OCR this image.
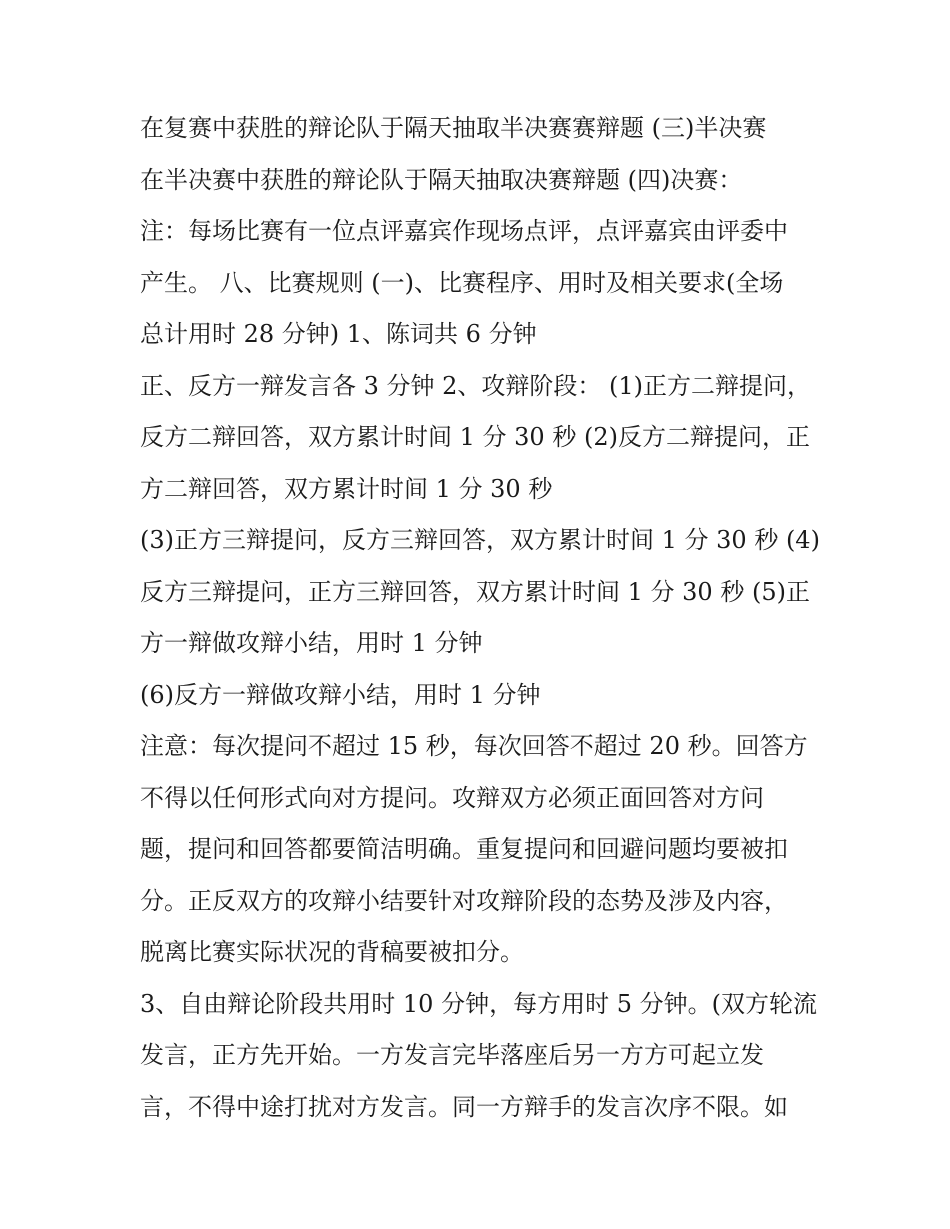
在复赛中获胜的辩论队于隔天抽取半决赛赛辩题 (三)半决赛
在半决赛中获胜的辩论队于隔天抽取决赛辩题 (四)决赛：
注：每场比赛有一位点评嘉宾作现场点评，点评嘉宾由评委中
产生。 八、比赛规则 (一)、比赛程序、用时及相关要求(全场
总计用时 28 分钟) 1、陈词共 6 分钟
正、反方一辩发言各 3 分钟 2、攻辩阶段： (1)正方二辩提问，
反方二辩回答，双方累计时间 1 分 30 秒 (2)反方二辩提问，正
方二辩回答，双方累计时间 1 分 30 秒
(3)正方三辩提问，反方三辩回答，双方累计时间 1 分 30 秒 (4)
反方三辩提问，正方三辩回答，双方累计时间 1 分 30 秒 (5)正
方一辩做攻辩小结，用时 1 分钟
(6)反方一辩做攻辩小结，用时 1 分钟
注意：每次提问不超过 15 秒，每次回答不超过 20 秒。回答方
不得以任何形式向对方提问。攻辩双方必须正面回答对方问
题，提问和回答都要简洁明确。重复提问和回避问题均要被扣
分。正反双方的攻辩小结要针对攻辩阶段的态势及涉及内容，
脱离比赛实际状况的背稿要被扣分。
3、自由辩论阶段共用时 10 分钟，每方用时 5 分钟。(双方轮流
发言，正方先开始。一方发言完毕落座后另一方方可起立发
言，不得中途打扰对方发言。同一方辩手的发言次序不限。如
